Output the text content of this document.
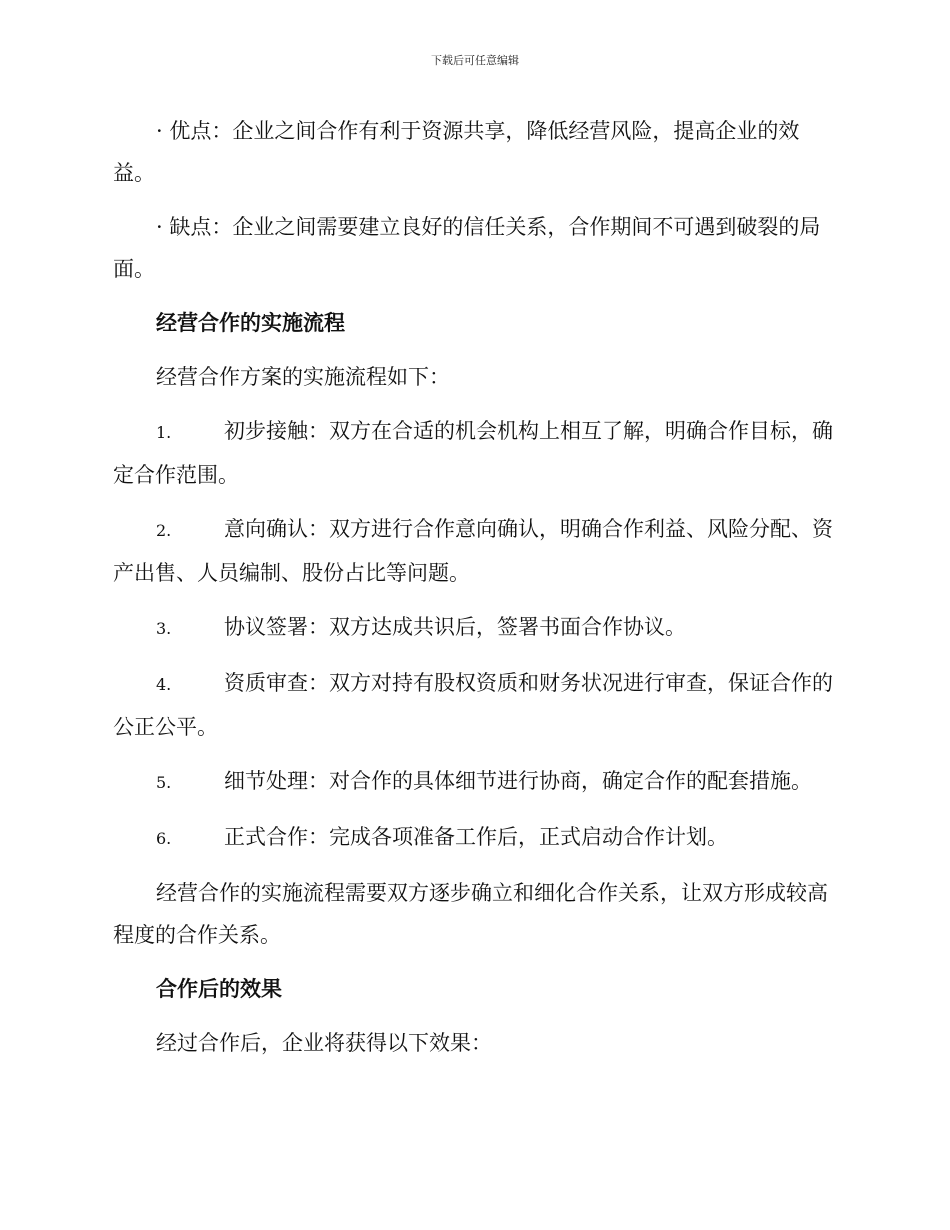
下载后可任意编辑

· 优点：企业之间合作有利于资源共享，降低经营风险，提高企业的效益。

· 缺点：企业之间需要建立良好的信任关系，合作期间不可遇到破裂的局面。

经营合作的实施流程

经营合作方案的实施流程如下：

1.	初步接触：双方在合适的机会机构上相互了解，明确合作目标，确定合作范围。

2.	意向确认：双方进行合作意向确认，明确合作利益、风险分配、资产出售、人员编制、股份占比等问题。

3.	协议签署：双方达成共识后，签署书面合作协议。

4.	资质审查：双方对持有股权资质和财务状况进行审查，保证合作的公正公平。

5.	细节处理：对合作的具体细节进行协商，确定合作的配套措施。

6.	正式合作：完成各项准备工作后，正式启动合作计划。

经营合作的实施流程需要双方逐步确立和细化合作关系，让双方形成较高程度的合作关系。

合作后的效果

经过合作后，企业将获得以下效果：
